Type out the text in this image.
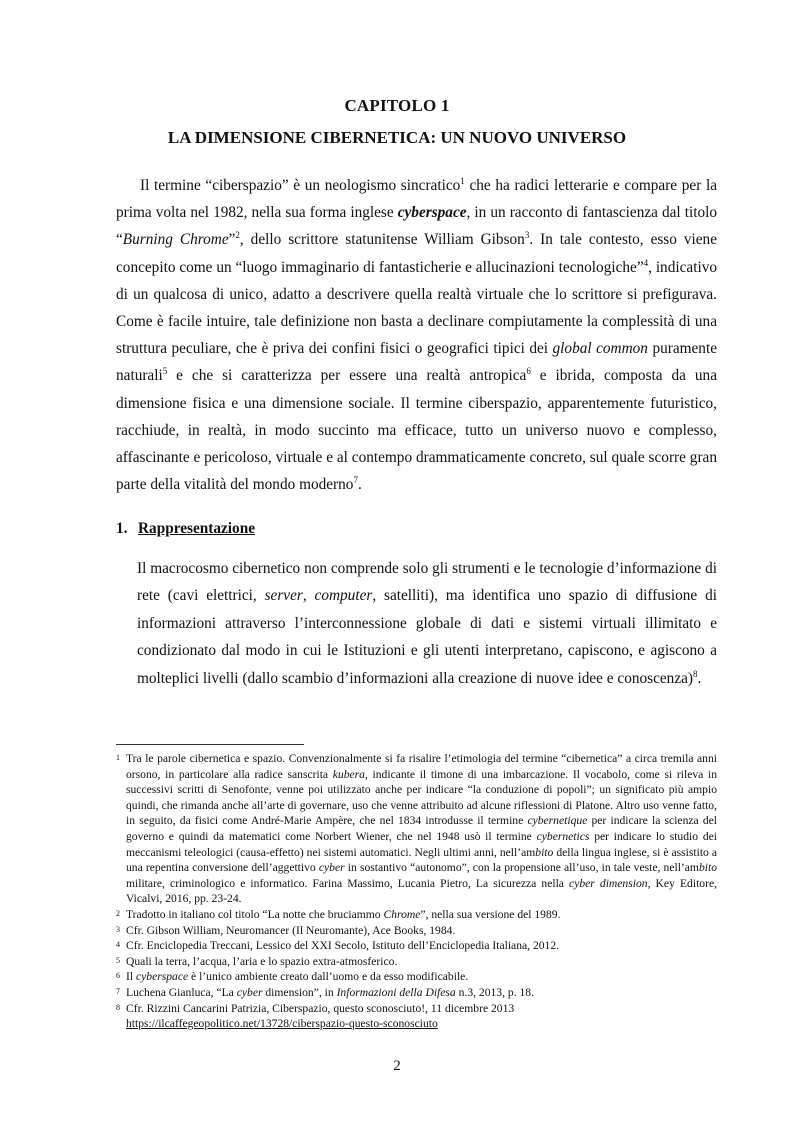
CAPITOLO 1
LA DIMENSIONE CIBERNETICA: UN NUOVO UNIVERSO

Il termine “ciberspazio” è un neologismo sincratico$^1$ che ha radici letterarie e compare per la prima volta nel 1982, nella sua forma inglese cyberspace, in un racconto di fantascienza dal titolo “Burning Chrome”$^2$, dello scrittore statunitense William Gibson$^3$. In tale contesto, esso viene concepito come un “luogo immaginario di fantasticherie e allucinazioni tecnologiche”$^4$, indicativo di un qualcosa di unico, adatto a descrivere quella realtà virtuale che lo scrittore si prefigurava. Come è facile intuire, tale definizione non basta a declinare compiutamente la complessità di una struttura peculiare, che è priva dei confini fisici o geografici tipici dei global common puramente naturali$^5$ e che si caratterizza per essere una realtà antropica$^6$ e ibrida, composta da una dimensione fisica e una dimensione sociale. Il termine ciberspazio, apparentemente futuristico, racchiude, in realtà, in modo succinto ma efficace, tutto un universo nuovo e complesso, affascinante e pericoloso, virtuale e al contempo drammaticamente concreto, sul quale scorre gran parte della vitalità del mondo moderno$^7$.

1. Rappresentazione

Il macrocosmo cibernetico non comprende solo gli strumenti e le tecnologie d’informazione di rete (cavi elettrici, server, computer, satelliti), ma identifica uno spazio di diffusione di informazioni attraverso l’interconnessione globale di dati e sistemi virtuali illimitato e condizionato dal modo in cui le Istituzioni e gli utenti interpretano, capiscono, e agiscono a molteplici livelli (dallo scambio d’informazioni alla creazione di nuove idee e conoscenza)$^8$.

1 Tra le parole cibernetica e spazio. Convenzionalmente si fa risalire l’etimologia del termine “cibernetica” a circa tremila anni orsono, in particolare alla radice sanscrita kubera, indicante il timone di una imbarcazione. Il vocabolo, come si rileva in successivi scritti di Senofonte, venne poi utilizzato anche per indicare “la conduzione di popoli”; un significato più ampio quindi, che rimanda anche all’arte di governare, uso che venne attribuito ad alcune riflessioni di Platone. Altro uso venne fatto, in seguito, da fisici come André-Marie Ampère, che nel 1834 introdusse il termine cybernetique per indicare la scienza del governo e quindi da matematici come Norbert Wiener, che nel 1948 usò il termine cybernetics per indicare lo studio dei meccanismi teleologici (causa-effetto) nei sistemi automatici. Negli ultimi anni, nell’ambito della lingua inglese, si è assistito a una repentina conversione dell’aggettivo cyber in sostantivo “autonomo”, con la propensione all’uso, in tale veste, nell’ambito militare, criminologico e informatico. Farina Massimo, Lucania Pietro, La sicurezza nella cyber dimension, Key Editore, Vicalvi, 2016, pp. 23-24.
2 Tradotto in italiano col titolo “La notte che bruciammo Chrome”, nella sua versione del 1989.
3 Cfr. Gibson William, Neuromancer (Il Neuromante), Ace Books, 1984.
4 Cfr. Enciclopedia Treccani, Lessico del XXI Secolo, Istituto dell’Enciclopedia Italiana, 2012.
5 Quali la terra, l’acqua, l’aria e lo spazio extra-atmosferico.
6 Il cyberspace è l’unico ambiente creato dall’uomo e da esso modificabile.
7 Luchena Gianluca, “La cyber dimension”, in Informazioni della Difesa n.3, 2013, p. 18.
8 Cfr. Rizzini Cancarini Patrizia, Ciberspazio, questo sconosciuto!, 11 dicembre 2013
https://ilcaffegeopolitico.net/13728/ciberspazio-questo-sconosciuto
2
